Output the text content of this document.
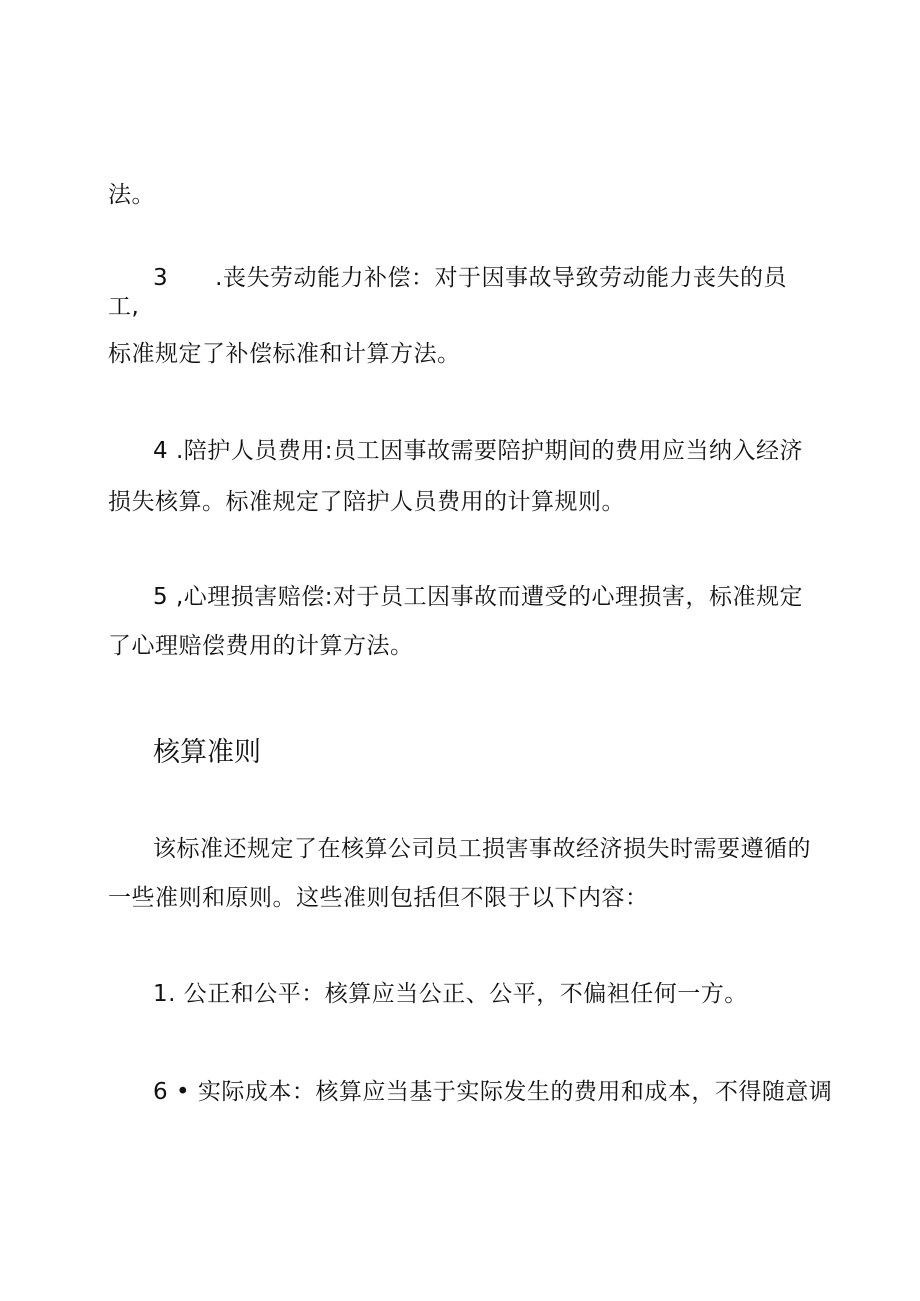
法。
3　　.丧失劳动能力补偿：对于因事故导致劳动能力丧失的员
工,
标准规定了补偿标准和计算方法。
4 .陪护人员费用:员工因事故需要陪护期间的费用应当纳入经济
损失核算。标准规定了陪护人员费用的计算规则。
5 ,心理损害赔偿:对于员工因事故而遭受的心理损害，标准规定
了心理赔偿费用的计算方法。
核算准则
该标准还规定了在核算公司员工损害事故经济损失时需要遵循的
一些准则和原则。这些准则包括但不限于以下内容：
1. 公正和公平：核算应当公正、公平，不偏袒任何一方。
6 • 实际成本：核算应当基于实际发生的费用和成本，不得随意调
